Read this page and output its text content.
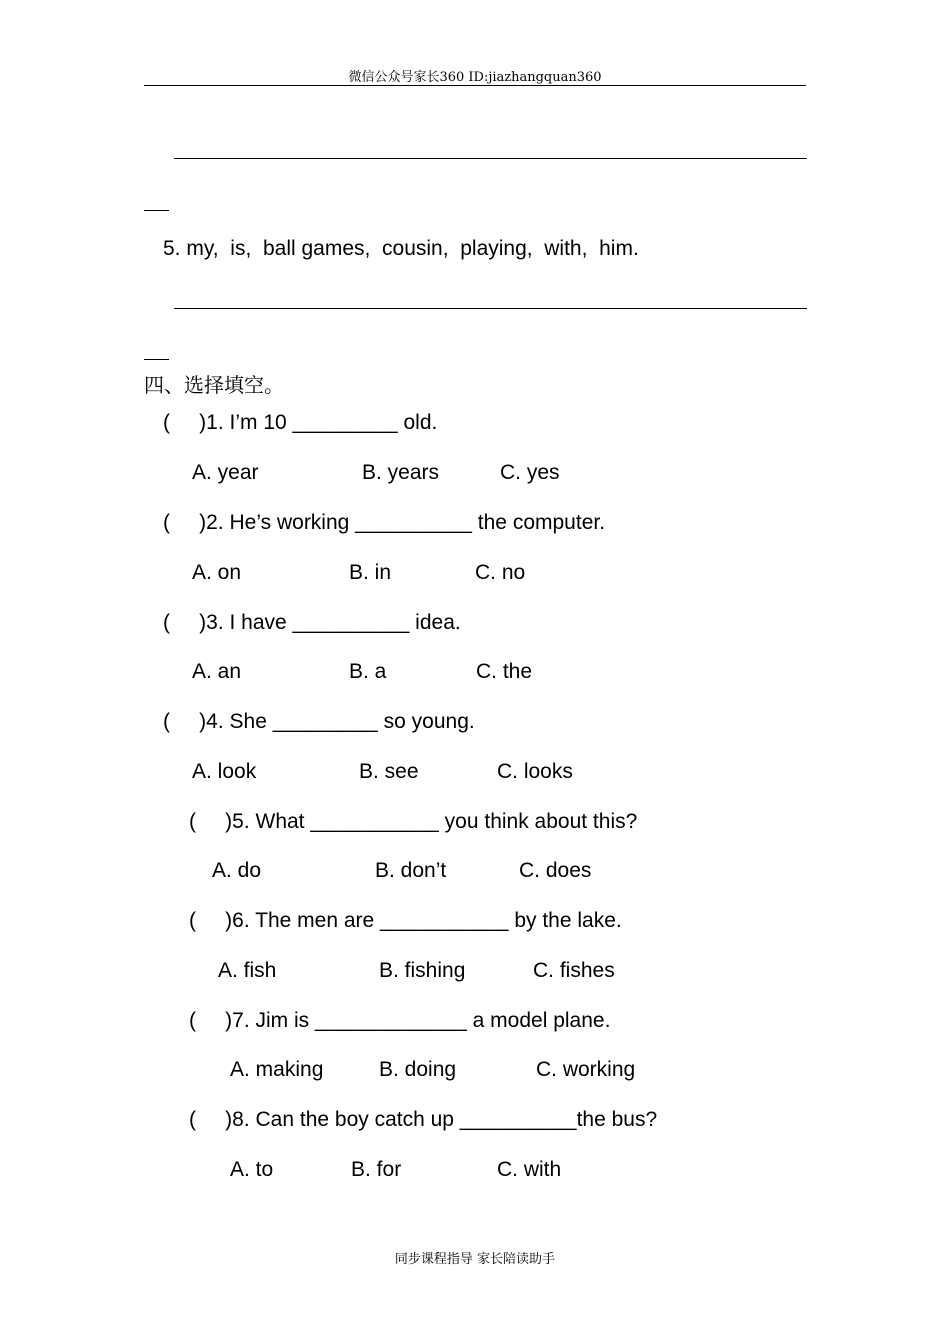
微信公众号家长360 ID:jiazhangquan360
5. my,  is,  ball games,  cousin,  playing,  with,  him.
四、选择填空。
(     )1. I’m 10 _________ old.
A. year	B. years	C. yes
(     )2. He’s working __________ the computer.
A. on	B. in	C. no
(     )3. I have __________ idea.
A. an	B. a	C. the
(     )4. She _________ so young.
A. look	B. see	C. looks
(     )5. What ___________ you think about this?
A. do	B. don’t	C. does
(     )6. The men are ___________ by the lake.
A. fish	B. fishing	C. fishes
(     )7. Jim is _____________ a model plane.
A. making	B. doing	C. working
(     )8. Can the boy catch up __________the bus?
A. to	B. for	C. with
同步课程指导 家长陪读助手
